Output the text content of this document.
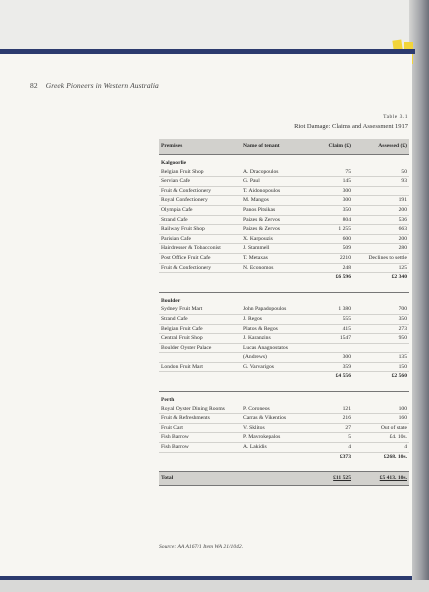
82 Greek Pioneers in Western Australia
Table 3.1
Riot Damage: Claims and Assessment 1917
Premises	Name of tenant	Claim (£)	Assessed (£)
Kalgoorlie			
Belgian Fruit Shop	A. Dracopoulos	75	50
Servian Cafe	G. Paul	145	93
Fruit & Confectionery	T. Aidonopoulos	300	
Royal Confectionery	M. Mangos	300	191
Olympia Cafe	Panos Pitsikas	350	200
Strand Cafe	Paizes & Zervos	804	536
Railway Fruit Shop	Paizes & Zervos	1 255	663
Parisian Cafe	X. Karpouzis	600	200
Hairdresser & Tobacconist	J. Stammell	509	280
Post Office Fruit Cafe	T. Metaxas	2210	Declines to settle
Fruit & Confectionery	N. Economos	248	125
		£6 596	£2 340

Boulder			
Sydney Fruit Mart	John Papadopoulos	1 380	700
Strand Cafe	J. Regos	555	350
Belgian Fruit Cafe	Platos & Regos	415	273
Central Fruit Shop	J. Karanzins	1547	950
Boulder Oyster Palace	Lucas Anagnostatos		
	(Andrews)	300	135
London Fruit Mart	G. Varvarigos	359	150
		£4 556	£2 560

Perth			
Royal Oyster Dining Rooms	P. Coroneos	121	100
Fruit & Refreshments	Carras & Vikentios	216	160
Fruit Cart	V. Sklitos	27	Out of state
Fish Barrow	P. Mavrokepalos	5	£4. 10s.
Fish Barrow	A. Lakidis	4	4
		£373	£268. 10s.

Total		£11 525	£5 413. 10s.
Source: AA A167/1 Item WA 21/1042.
